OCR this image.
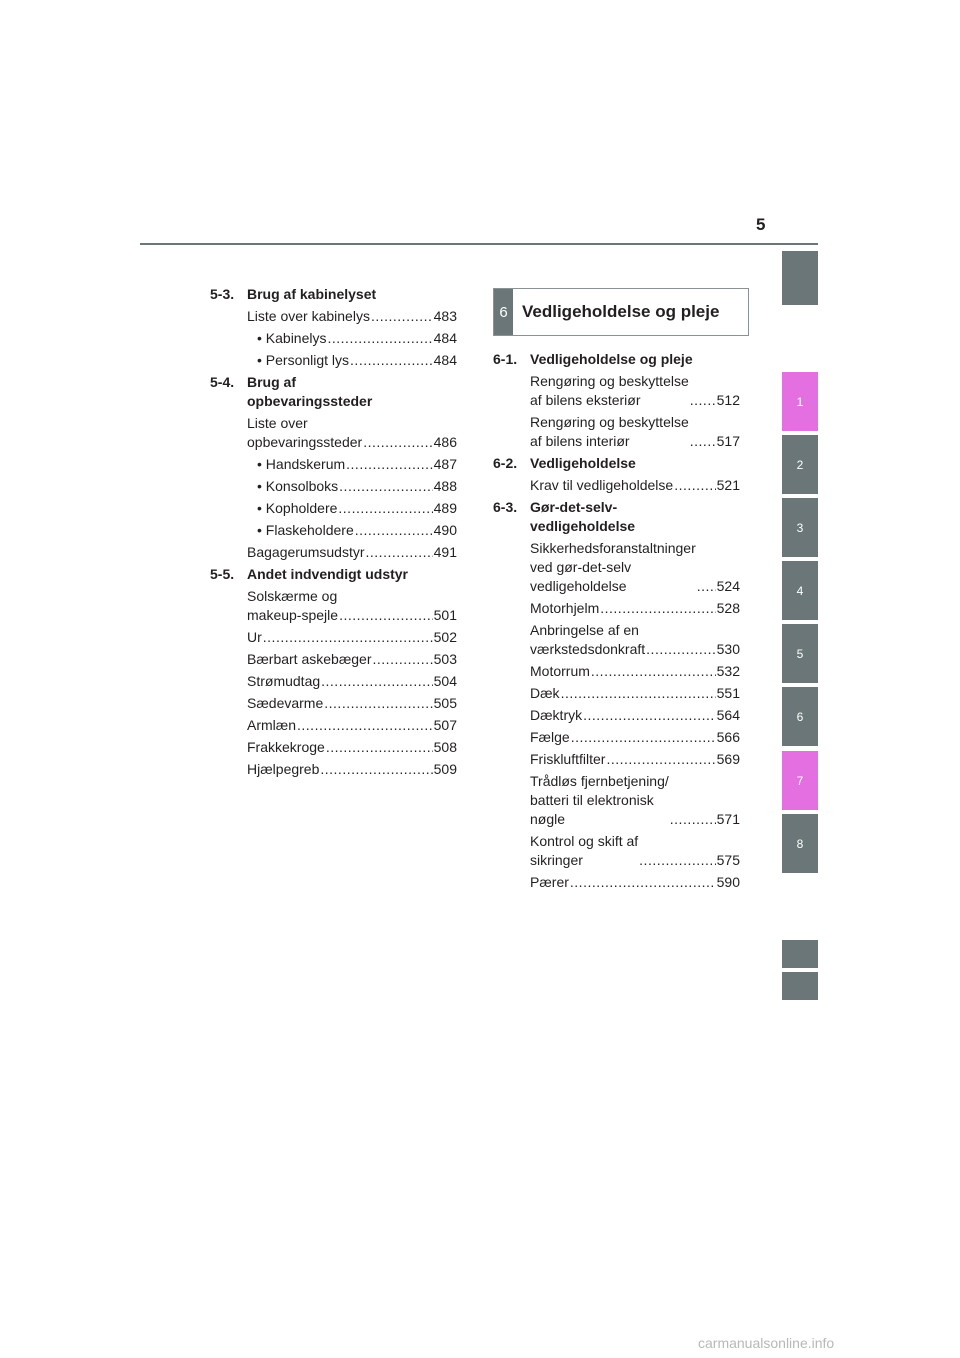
5
1
2
3
4
5
6
7
8
5-3. Brug af kabinelyset
Liste over kabinelys .....	483
• Kabinelys .....	484
• Personligt lys .....	484
5-4. Brug af
opbevaringssteder
Liste over
opbevaringssteder .....	486
• Handskerum .....	487
• Konsolboks .....	488
• Kopholdere .....	489
• Flaskeholdere .....	490
Bagagerumsudstyr .....	491
5-5. Andet indvendigt udstyr
Solskærme og
makeup-spejle .....	501
Ur .....	502
Bærbart askebæger .....	503
Strømudtag .....	504
Sædevarme .....	505
Armlæn .....	507
Frakkekroge .....	508
Hjælpegreb .....	509
6 Vedligeholdelse og pleje
6-1. Vedligeholdelse og pleje
Rengøring og beskyttelse
af bilens eksteriør .....	512
Rengøring og beskyttelse
af bilens interiør .....	517
6-2. Vedligeholdelse
Krav til vedligeholdelse .....	521
6-3. Gør-det-selv-
vedligeholdelse
Sikkerhedsforanstaltninger
ved gør-det-selv
vedligeholdelse .....	524
Motorhjelm .....	528
Anbringelse af en
værkstedsdonkraft .....	530
Motorrum .....	532
Dæk .....	551
Dæktryk .....	564
Fælge .....	566
Friskluftfilter .....	569
Trådløs fjernbetjening/
batteri til elektronisk
nøgle .....	571
Kontrol og skift af
sikringer .....	575
Pærer .....	590
carmanualsonline.info
